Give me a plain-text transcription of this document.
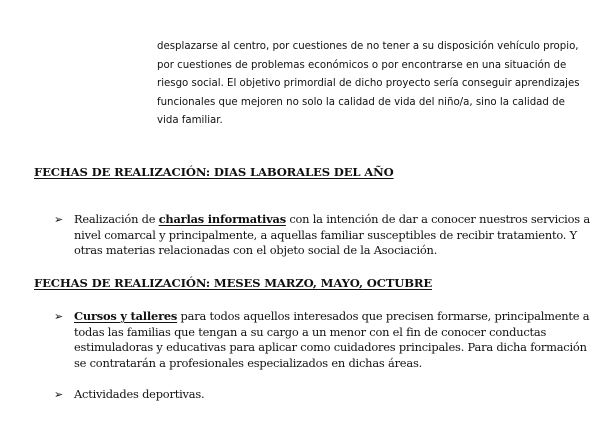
desplazarse al centro, por cuestiones de no tener a su disposición vehículo propio,
por cuestiones de problemas económicos o por encontrarse en una situación de
riesgo social. El objetivo primordial de dicho proyecto sería conseguir aprendizajes
funcionales que mejoren no solo la calidad de vida del niño/a, sino la calidad de
vida familiar.
FECHAS DE REALIZACIÓN: DIAS LABORALES DEL AÑO
➢ Realización de charlas informativas con la intención de dar a conocer nuestros servicios a
nivel comarcal y principalmente, a aquellas familiar susceptibles de recibir tratamiento. Y
otras materias relacionadas con el objeto social de la Asociación.
FECHAS DE REALIZACIÓN: MESES MARZO, MAYO, OCTUBRE
➢ Cursos y talleres para todos aquellos interesados que precisen formarse, principalmente a
todas las familias que tengan a su cargo a un menor con el fin de conocer conductas
estimuladoras y educativas para aplicar como cuidadores principales. Para dicha formación
se contratarán a profesionales especializados en dichas áreas.
➢ Actividades deportivas.
